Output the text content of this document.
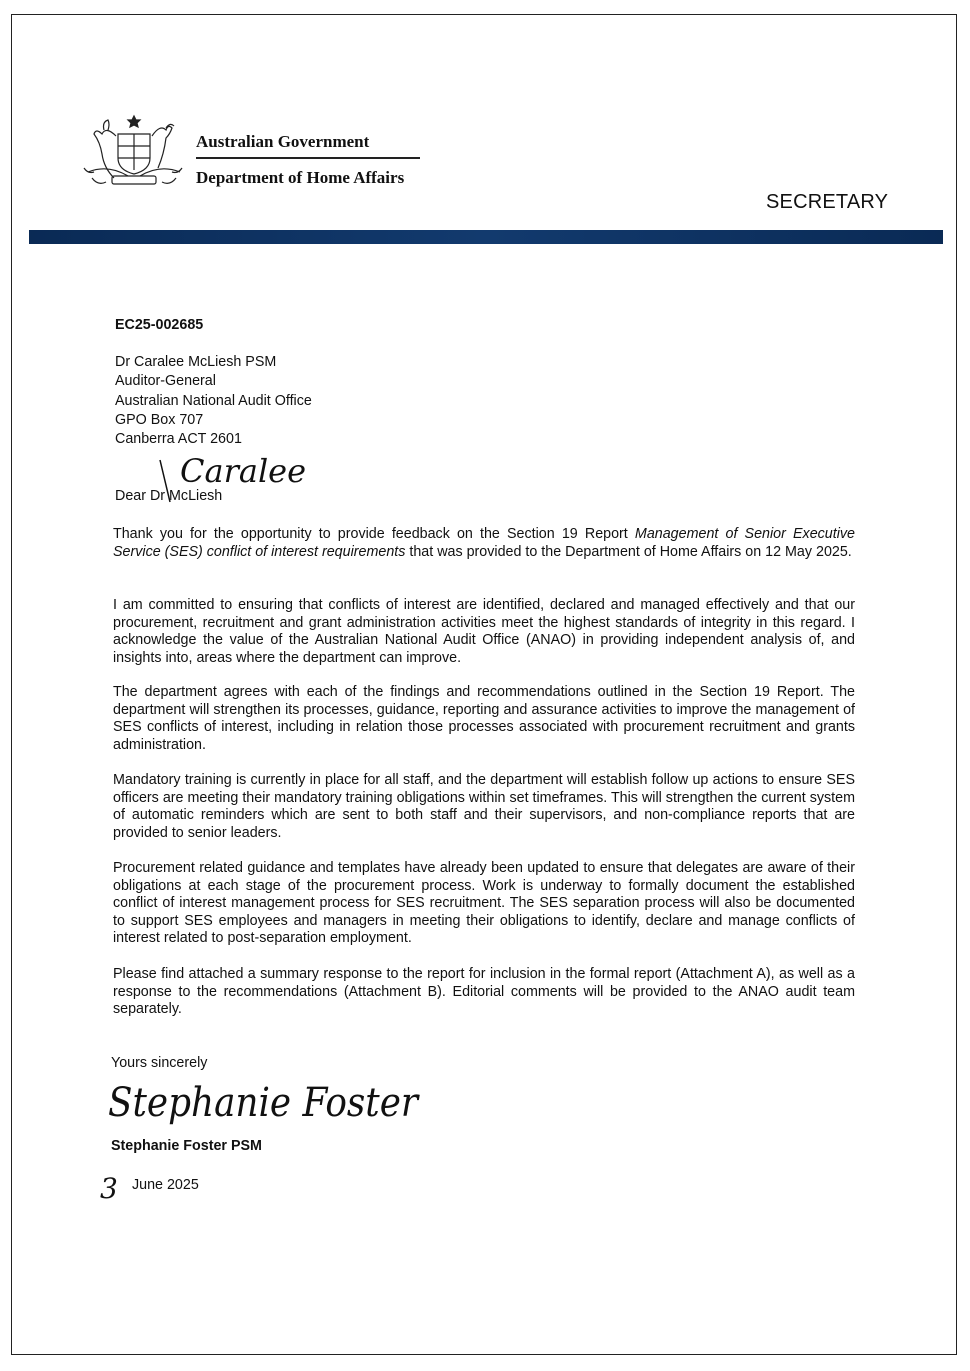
Australian Government
Department of Home Affairs
SECRETARY
EC25-002685
Dr Caralee McLiesh PSM
Auditor-General
Australian National Audit Office
GPO Box 707
Canberra ACT 2601
Caralee
Dear Dr McLiesh
Thank you for the opportunity to provide feedback on the Section 19 Report Management of Senior Executive Service (SES) conflict of interest requirements that was provided to the Department of Home Affairs on 12 May 2025.
I am committed to ensuring that conflicts of interest are identified, declared and managed effectively and that our procurement, recruitment and grant administration activities meet the highest standards of integrity in this regard. I acknowledge the value of the Australian National Audit Office (ANAO) in providing independent analysis of, and insights into, areas where the department can improve.
The department agrees with each of the findings and recommendations outlined in the Section 19 Report. The department will strengthen its processes, guidance, reporting and assurance activities to improve the management of SES conflicts of interest, including in relation those processes associated with procurement recruitment and grants administration.
Mandatory training is currently in place for all staff, and the department will establish follow up actions to ensure SES officers are meeting their mandatory training obligations within set timeframes. This will strengthen the current system of automatic reminders which are sent to both staff and their supervisors, and non-compliance reports that are provided to senior leaders.
Procurement related guidance and templates have already been updated to ensure that delegates are aware of their obligations at each stage of the procurement process. Work is underway to formally document the established conflict of interest management process for SES recruitment. The SES separation process will also be documented to support SES employees and managers in meeting their obligations to identify, declare and manage conflicts of interest related to post-separation employment.
Please find attached a summary response to the report for inclusion in the formal report (Attachment A), as well as a response to the recommendations (Attachment B). Editorial comments will be provided to the ANAO audit team separately.
Yours sincerely
Stephanie Foster
Stephanie Foster PSM
3 June 2025
